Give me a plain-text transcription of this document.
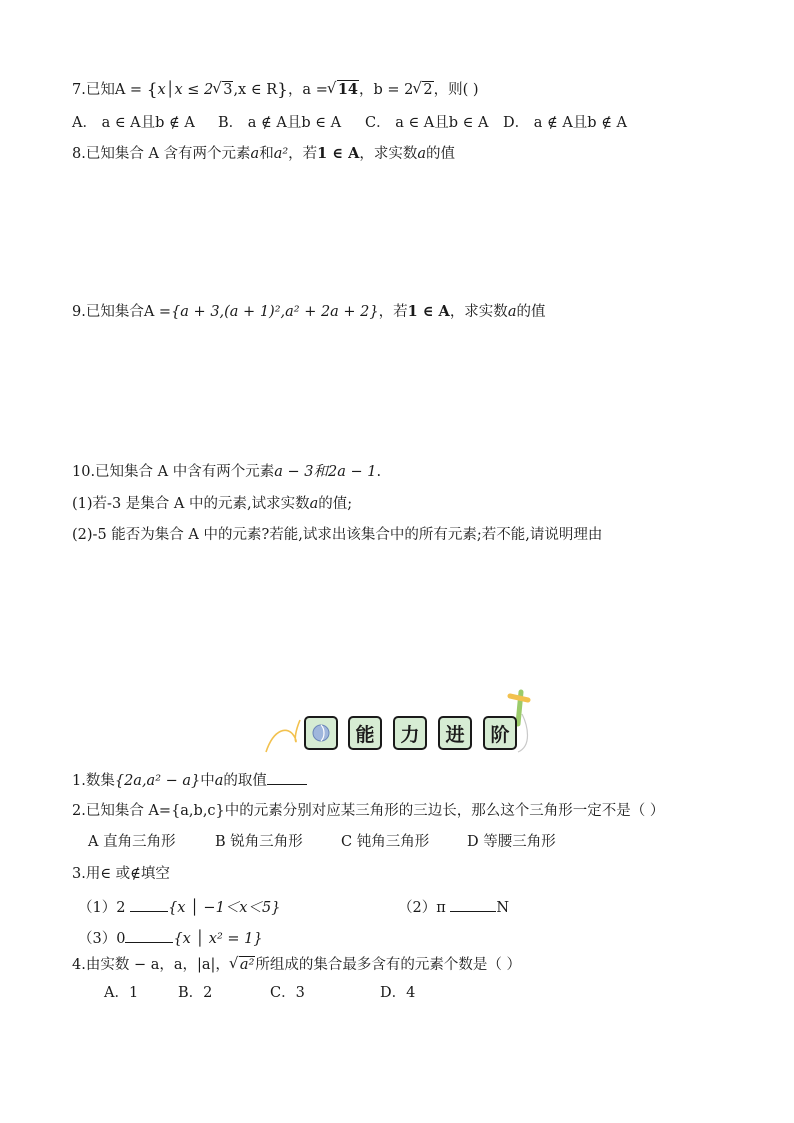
7.已知A = {x│x ≤ 2 √ 3,x ∈ R}，a = √ 14，b = 2 √ 2，则( )
A． a ∈ A且b ∉ A B． a ∉ A且b ∈ A C． a ∈ A且b ∈ A D． a ∉ A且b ∉ A
8.已知集合 A 含有两个元素a和a²，若1 ∈ A，求实数a的值
9.已知集合A ={a + 3,(a + 1)²,a² + 2a + 2}，若1 ∈ A，求实数a的值
10.已知集合 A 中含有两个元素a − 3和2a − 1.
(1)若-3 是集合 A 中的元素,试求实数a的值;
(2)-5 能否为集合 A 中的元素?若能,试求出该集合中的所有元素;若不能,请说明理由
能	力	进	阶
1.数集{2a,a² − a}中a的取值
2.已知集合 A={a,b,c}中的元素分别对应某三角形的三边长，那么这个三角形一定不是（ ）
A 直角三角形	B 锐角三角形	C 钝角三角形	D 等腰三角形
3.用∈ 或∉填空
（1）2	{x │ −1＜x＜5}	（2）π	N
（3）0	{x │ x² = 1}
4.由实数 − a，a，|a|， √ a²所组成的集合最多含有的元素个数是（ ）
A．1	B．2	C．3	D．4
